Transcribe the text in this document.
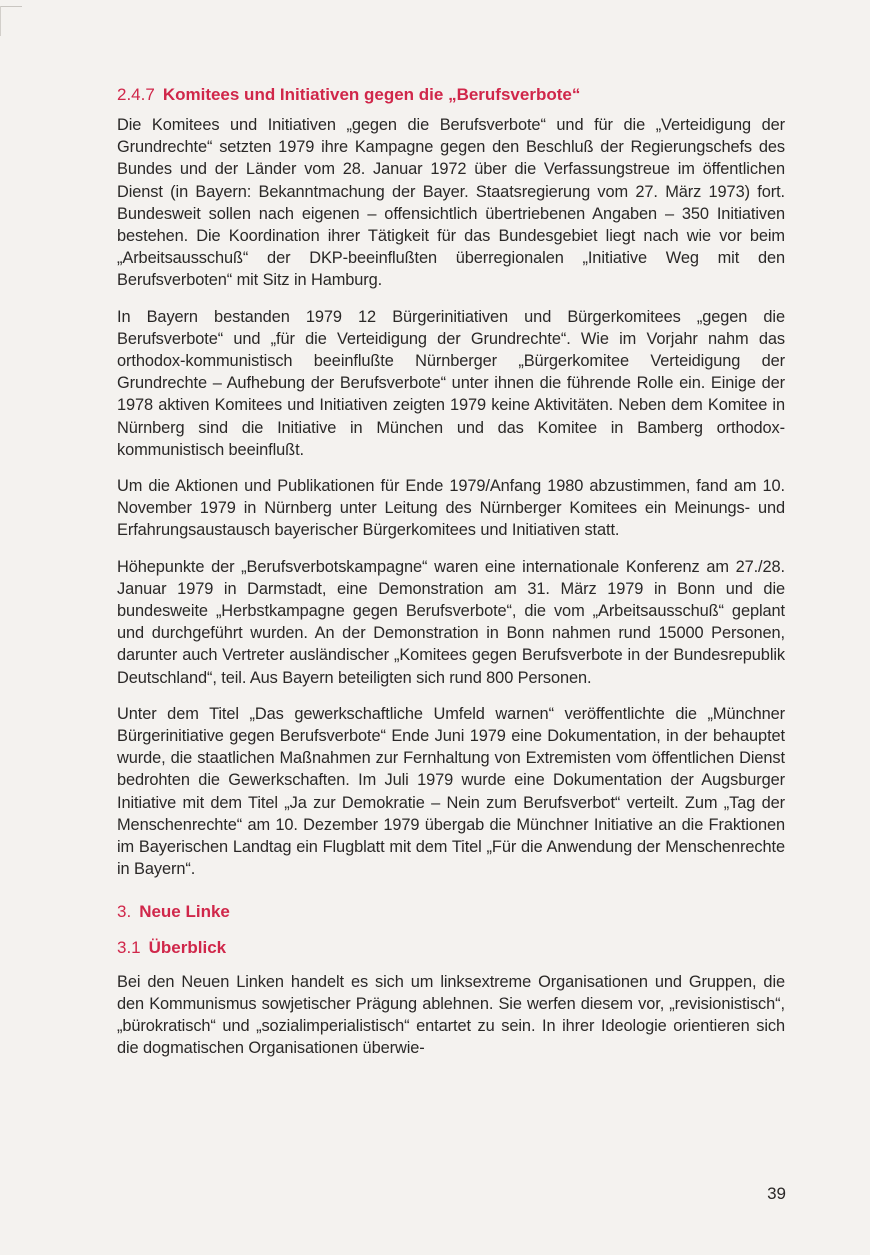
2.4.7 Komitees und Initiativen gegen die „Berufsverbote“

Die Komitees und Initiativen „gegen die Berufsverbote“ und für die „Verteidigung der Grundrechte“ setzten 1979 ihre Kampagne gegen den Beschluß der Regierungschefs des Bundes und der Länder vom 28. Januar 1972 über die Verfassungstreue im öffentlichen Dienst (in Bayern: Bekanntmachung der Bayer. Staatsregierung vom 27. März 1973) fort. Bundesweit sollen nach eigenen – offensichtlich übertriebenen Angaben – 350 Initiativen bestehen. Die Koordination ihrer Tätigkeit für das Bundesgebiet liegt nach wie vor beim „Arbeitsausschuß“ der DKP-beeinflußten überregionalen „Initiative Weg mit den Berufsverboten“ mit Sitz in Hamburg.

In Bayern bestanden 1979 12 Bürgerinitiativen und Bürgerkomitees „gegen die Berufsverbote“ und „für die Verteidigung der Grundrechte“. Wie im Vorjahr nahm das orthodox-kommunistisch beeinflußte Nürnberger „Bürgerkomitee Verteidigung der Grundrechte – Aufhebung der Berufsverbote“ unter ihnen die führende Rolle ein. Einige der 1978 aktiven Komitees und Initiativen zeigten 1979 keine Aktivitäten. Neben dem Komitee in Nürnberg sind die Initiative in München und das Komitee in Bamberg orthodox-kommunistisch beeinflußt.

Um die Aktionen und Publikationen für Ende 1979/Anfang 1980 abzustimmen, fand am 10. November 1979 in Nürnberg unter Leitung des Nürnberger Komitees ein Meinungs- und Erfahrungsaustausch bayerischer Bürgerkomitees und Initiativen statt.

Höhepunkte der „Berufsverbotskampagne“ waren eine internationale Konferenz am 27./28. Januar 1979 in Darmstadt, eine Demonstration am 31. März 1979 in Bonn und die bundesweite „Herbstkampagne gegen Berufsverbote“, die vom „Arbeitsausschuß“ geplant und durchgeführt wurden. An der Demonstration in Bonn nahmen rund 15000 Personen, darunter auch Vertreter ausländischer „Komitees gegen Berufsverbote in der Bundesrepublik Deutschland“, teil. Aus Bayern beteiligten sich rund 800 Personen.

Unter dem Titel „Das gewerkschaftliche Umfeld warnen“ veröffentlichte die „Münchner Bürgerinitiative gegen Berufsverbote“ Ende Juni 1979 eine Dokumentation, in der behauptet wurde, die staatlichen Maßnahmen zur Fernhaltung von Extremisten vom öffentlichen Dienst bedrohten die Gewerkschaften. Im Juli 1979 wurde eine Dokumentation der Augsburger Initiative mit dem Titel „Ja zur Demokratie – Nein zum Berufsverbot“ verteilt. Zum „Tag der Menschenrechte“ am 10. Dezember 1979 übergab die Münchner Initiative an die Fraktionen im Bayerischen Landtag ein Flugblatt mit dem Titel „Für die Anwendung der Menschenrechte in Bayern“.

3. Neue Linke
3.1 Überblick

Bei den Neuen Linken handelt es sich um linksextreme Organisationen und Gruppen, die den Kommunismus sowjetischer Prägung ablehnen. Sie werfen diesem vor, „revisionistisch“, „bürokratisch“ und „sozialimperialistisch“ entartet zu sein. In ihrer Ideologie orientieren sich die dogmatischen Organisationen überwie-

39
